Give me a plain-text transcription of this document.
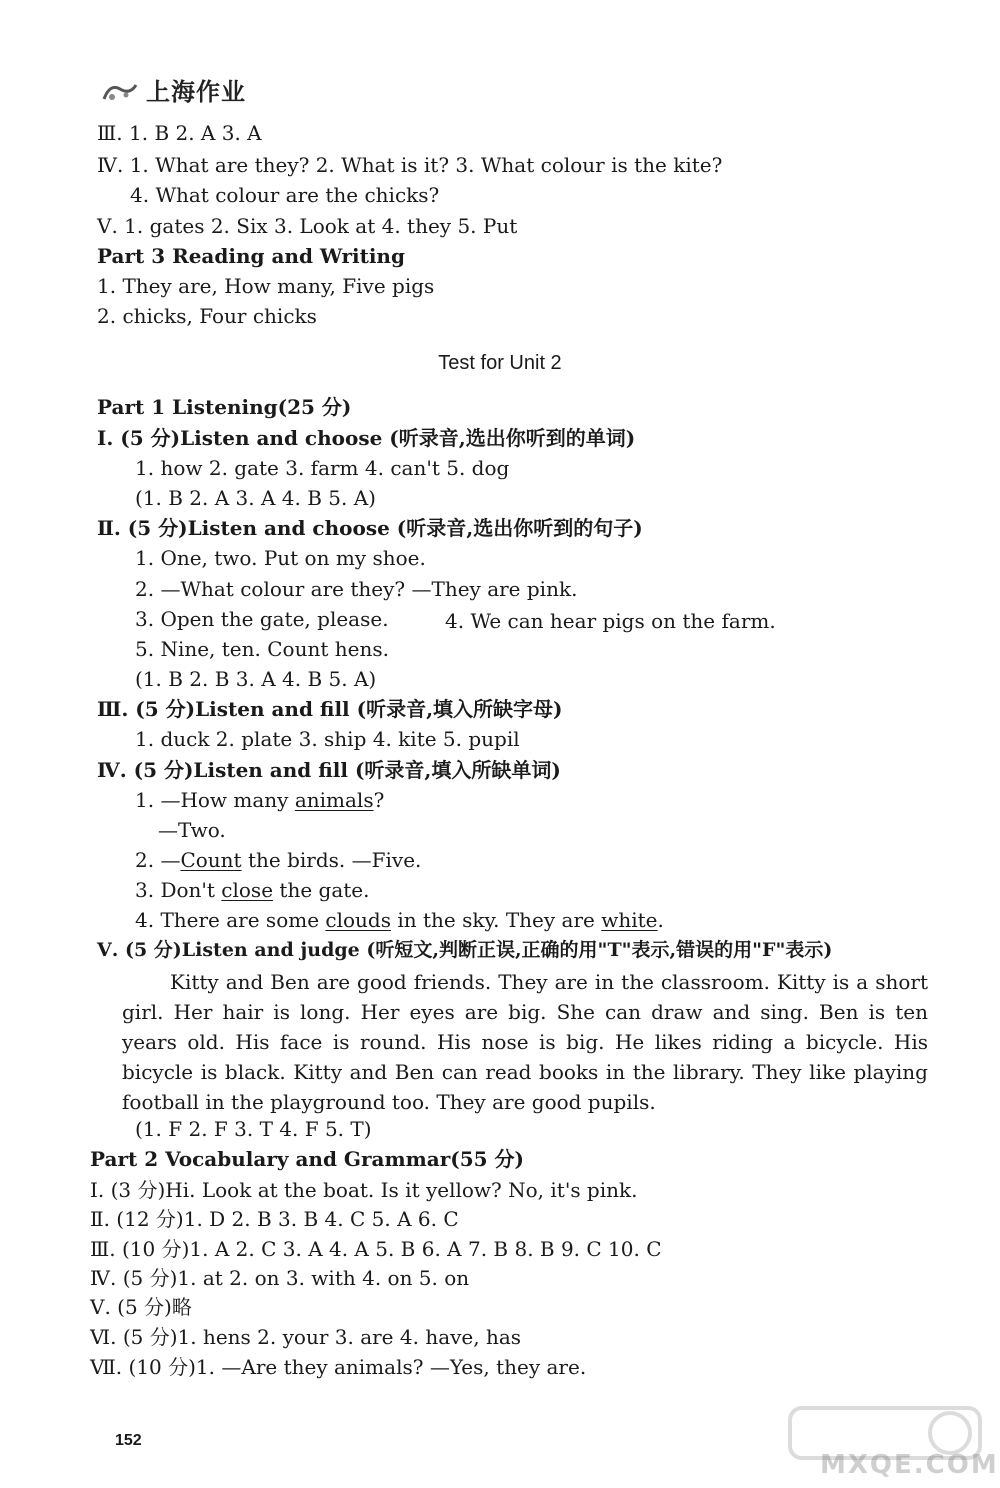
上海作业
Ⅲ. 1. B 2. A 3. A
Ⅳ. 1. What are they? 2. What is it? 3. What colour is the kite?
4. What colour are the chicks?
Ⅴ. 1. gates 2. Six 3. Look at 4. they 5. Put
Part 3 Reading and Writing
1. They are, How many, Five pigs
2. chicks, Four chicks
Test for Unit 2
Part 1 Listening(25 分)
Ⅰ. (5 分)Listen and choose (听录音,选出你听到的单词)
1. how 2. gate 3. farm 4. can't 5. dog
(1. B 2. A 3. A 4. B 5. A)
Ⅱ. (5 分)Listen and choose (听录音,选出你听到的句子)
1. One, two. Put on my shoe.
2. —What colour are they? —They are pink.
3. Open the gate, please.	4. We can hear pigs on the farm.
5. Nine, ten. Count hens.
(1. B 2. B 3. A 4. B 5. A)
Ⅲ. (5 分)Listen and fill (听录音,填入所缺字母)
1. duck 2. plate 3. ship 4. kite 5. pupil
Ⅳ. (5 分)Listen and fill (听录音,填入所缺单词)
1. —How many animals?
—Two.
2. —Count the birds. —Five.
3. Don't close the gate.
4. There are some clouds in the sky. They are white.
Ⅴ. (5 分)Listen and judge (听短文,判断正误,正确的用"T"表示,错误的用"F"表示)
Kitty and Ben are good friends. They are in the classroom. Kitty is a short girl. Her hair is long. Her eyes are big. She can draw and sing. Ben is ten years old. His face is round. His nose is big. He likes riding a bicycle. His bicycle is black. Kitty and Ben can read books in the library. They like playing football in the playground too. They are good pupils.
(1. F 2. F 3. T 4. F 5. T)
Part 2 Vocabulary and Grammar(55 分)
Ⅰ. (3 分)Hi. Look at the boat. Is it yellow? No, it's pink.
Ⅱ. (12 分)1. D 2. B 3. B 4. C 5. A 6. C
Ⅲ. (10 分)1. A 2. C 3. A 4. A 5. B 6. A 7. B 8. B 9. C 10. C
Ⅳ. (5 分)1. at 2. on 3. with 4. on 5. on
Ⅴ. (5 分)略
Ⅵ. (5 分)1. hens 2. your 3. are 4. have, has
Ⅶ. (10 分)1. —Are they animals? —Yes, they are.
152
MXQE.COM
